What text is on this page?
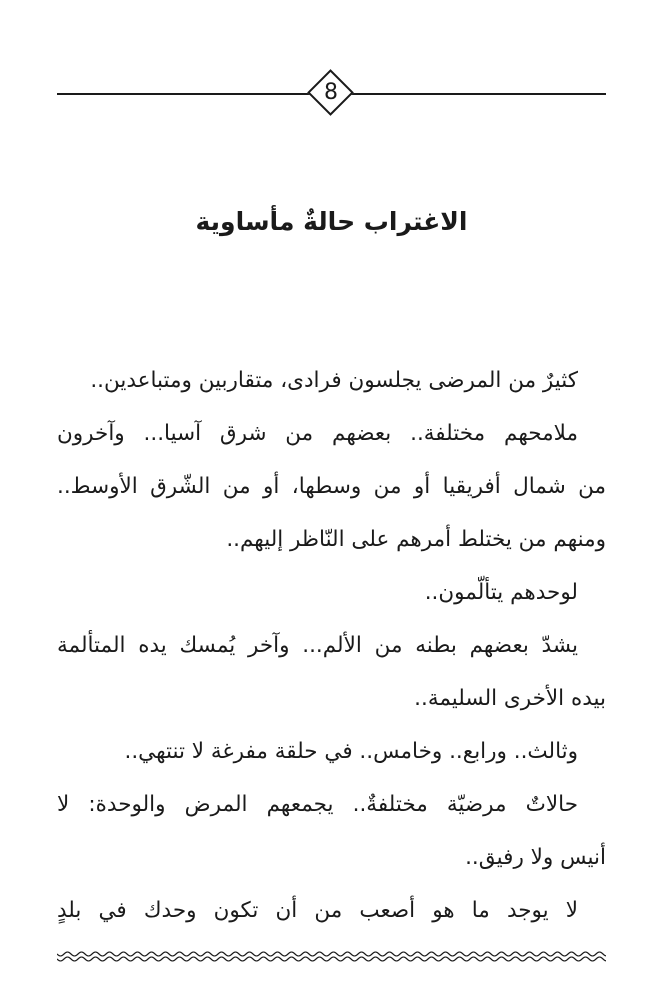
8
الاغتراب حالةٌ مأساوية
كثيرٌ من المرضى يجلسون فرادى، متقاربين ومتباعدين..
ملامحهم مختلفة.. بعضهم من شرق آسيا... وآخرون
من شمال أفريقيا أو من وسطها، أو من الشّرق الأوسط..
ومنهم من يختلط أمرهم على النّاظر إليهم..
لوحدهم يتألّمون..
يشدّ بعضهم بطنه من الألم... وآخر يُمسك يده المتألمة
بيده الأخرى السليمة..
وثالث.. ورابع.. وخامس.. في حلقة مفرغة لا تنتهي..
حالاتٌ مرضيّة مختلفةٌ.. يجمعهم المرض والوحدة: لا
أنيس ولا رفيق..
لا يوجد ما هو أصعب من أن تكون وحدك في بلدٍ
